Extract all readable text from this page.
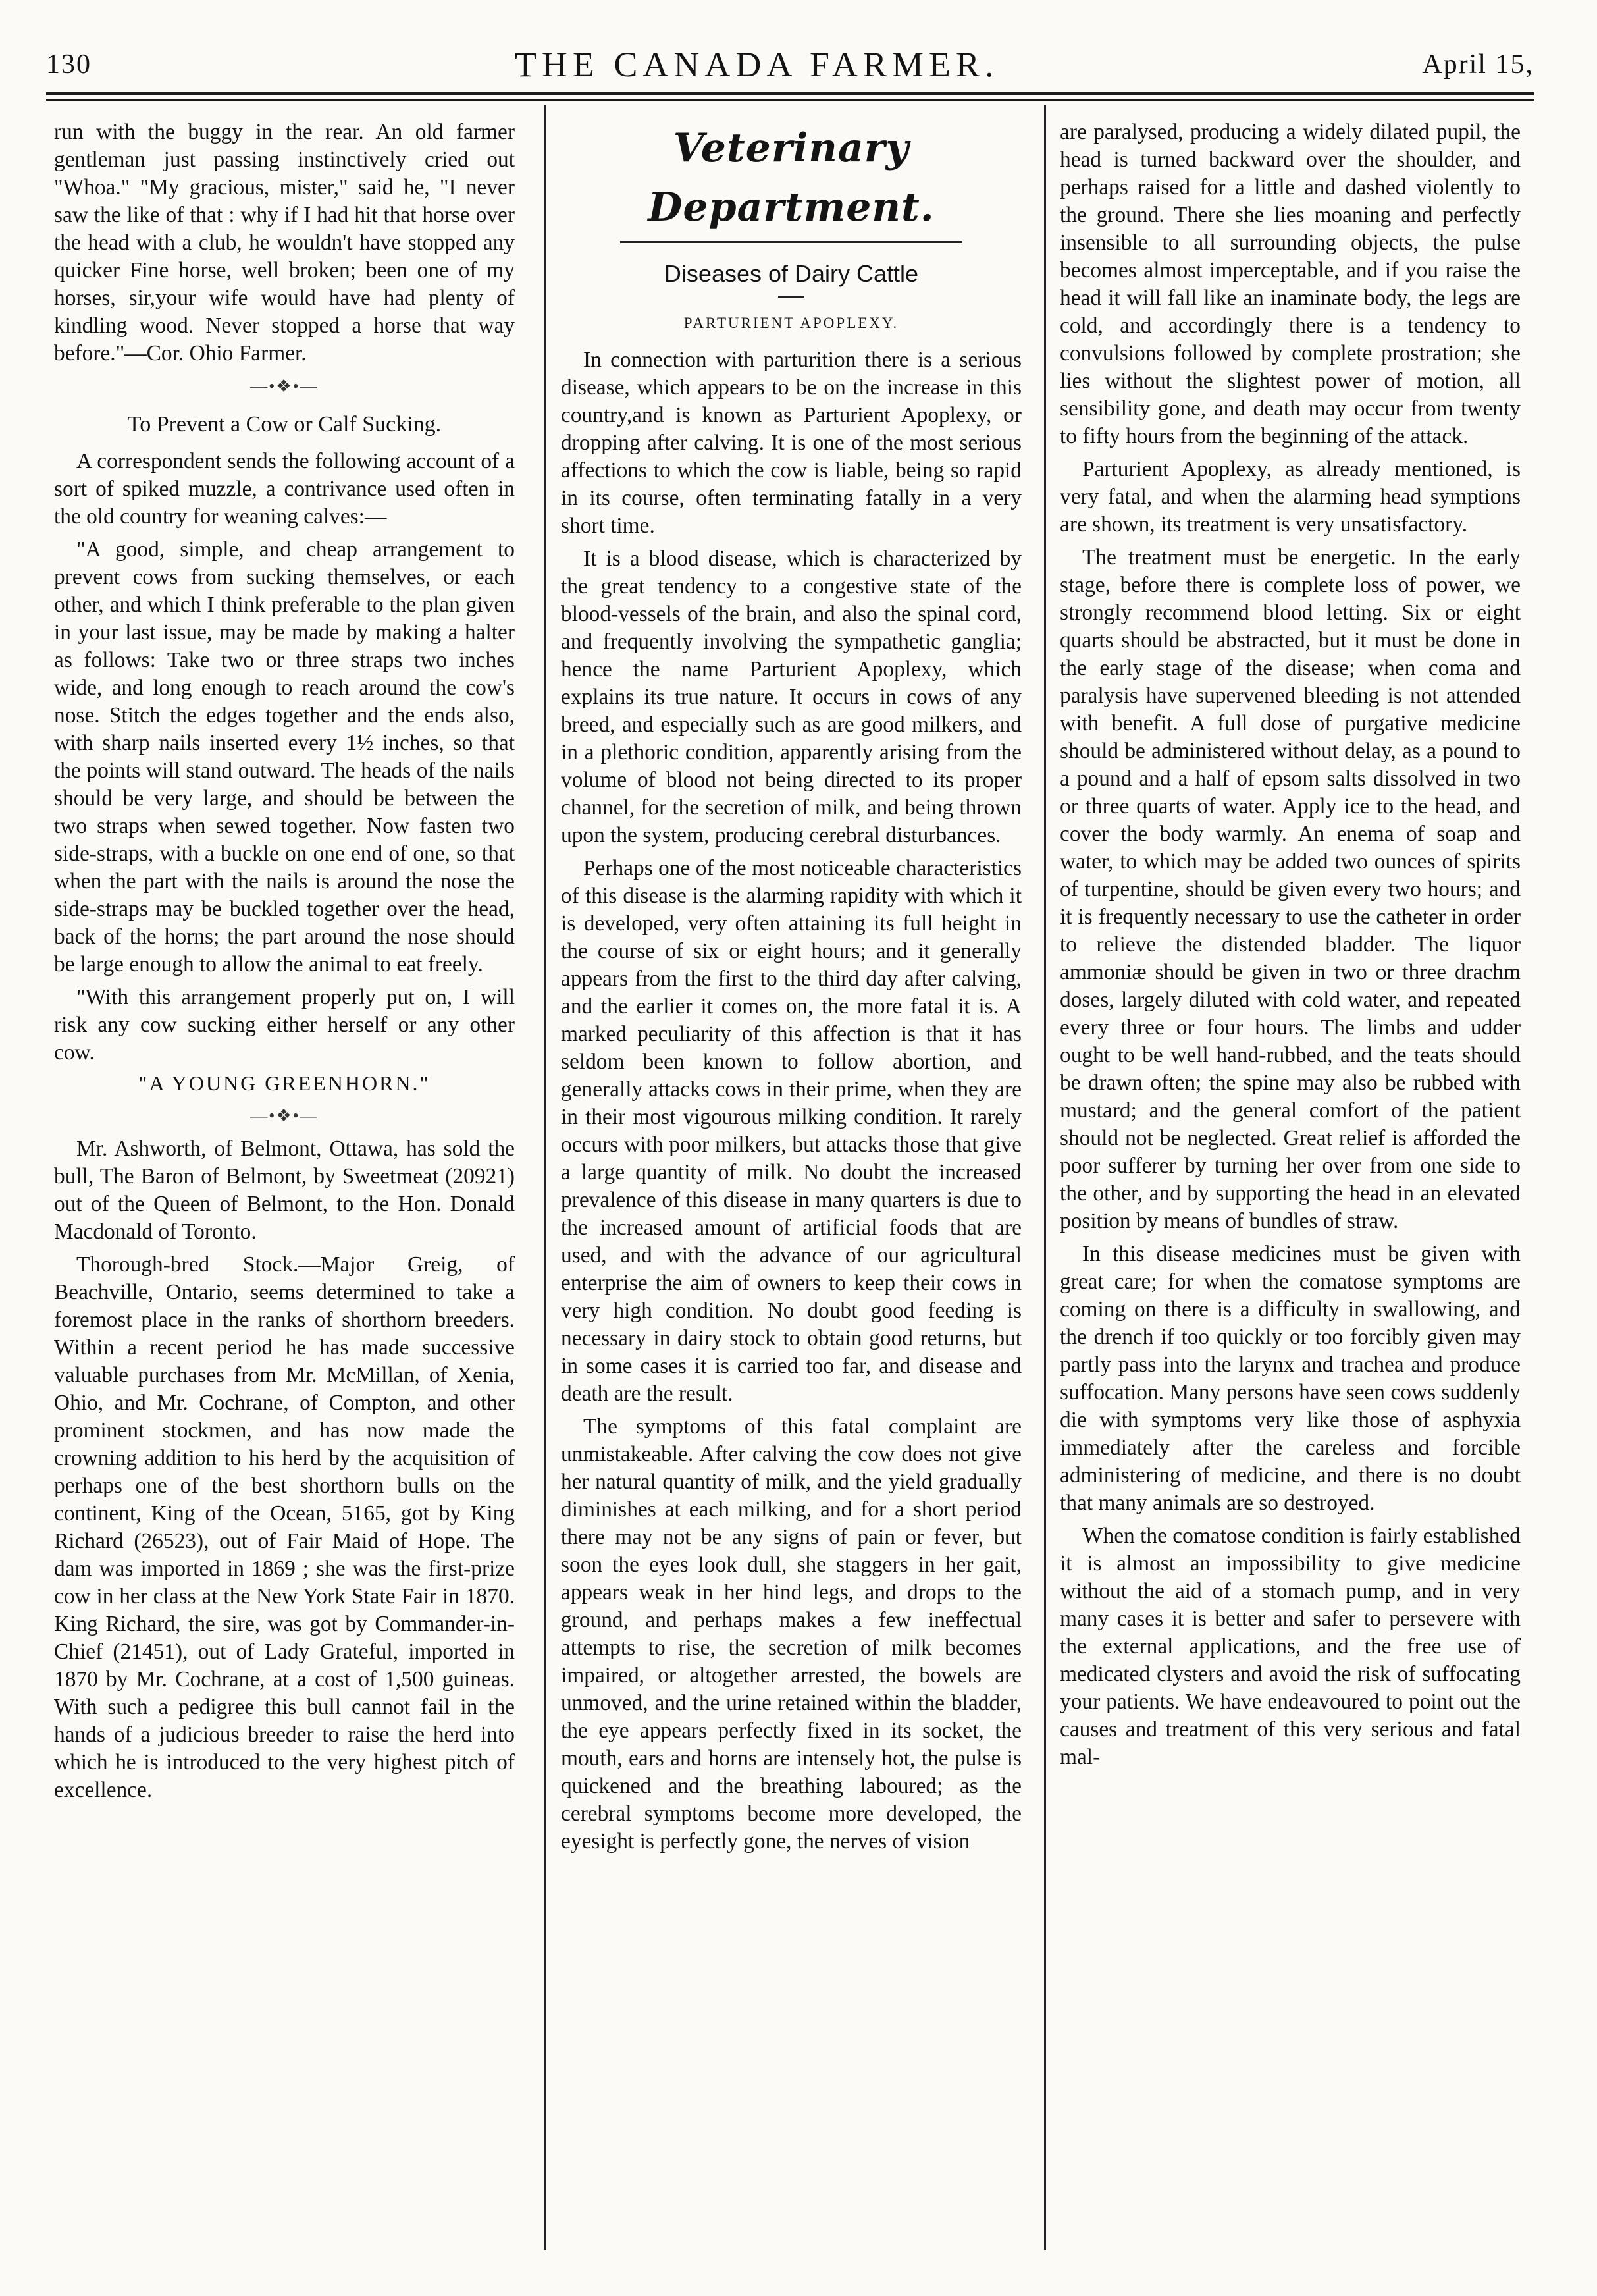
130	THE CANADA FARMER.	April 15,

run with the buggy in the rear. An old farmer gentleman just passing instinctively cried out "Whoa." "My gracious, mister," said he, "I never saw the like of that : why if I had hit that horse over the head with a club, he wouldn't have stopped any quicker Fine horse, well broken; been one of my horses, sir,your wife would have had plenty of kindling wood. Never stopped a horse that way before."—Cor. Ohio Farmer.

—•❖•—
To Prevent a Cow or Calf Sucking.

A correspondent sends the following account of a sort of spiked muzzle, a contrivance used often in the old country for weaning calves:—

"A good, simple, and cheap arrangement to prevent cows from sucking themselves, or each other, and which I think preferable to the plan given in your last issue, may be made by making a halter as follows: Take two or three straps two inches wide, and long enough to reach around the cow's nose. Stitch the edges together and the ends also, with sharp nails inserted every 1½ inches, so that the points will stand outward. The heads of the nails should be very large, and should be between the two straps when sewed together. Now fasten two side-straps, with a buckle on one end of one, so that when the part with the nails is around the nose the side-straps may be buckled together over the head, back of the horns; the part around the nose should be large enough to allow the animal to eat freely.

"With this arrangement properly put on, I will risk any cow sucking either herself or any other cow.

"A YOUNG GREENHORN."
—•❖•—

Mr. Ashworth, of Belmont, Ottawa, has sold the bull, The Baron of Belmont, by Sweetmeat (20921) out of the Queen of Belmont, to the Hon. Donald Macdonald of Toronto.

Thorough-bred Stock.—Major Greig, of Beachville, Ontario, seems determined to take a foremost place in the ranks of shorthorn breeders. Within a recent period he has made successive valuable purchases from Mr. McMillan, of Xenia, Ohio, and Mr. Cochrane, of Compton, and other prominent stockmen, and has now made the crowning addition to his herd by the acquisition of perhaps one of the best shorthorn bulls on the continent, King of the Ocean, 5165, got by King Richard (26523), out of Fair Maid of Hope. The dam was imported in 1869 ; she was the first-prize cow in her class at the New York State Fair in 1870. King Richard, the sire, was got by Commander-in-Chief (21451), out of Lady Grateful, imported in 1870 by Mr. Cochrane, at a cost of 1,500 guineas. With such a pedigree this bull cannot fail in the hands of a judicious breeder to raise the herd into which he is introduced to the very highest pitch of excellence.

Veterinary Department.
Diseases of Dairy Cattle
PARTURIENT APOPLEXY.

In connection with parturition there is a serious disease, which appears to be on the increase in this country,and is known as Parturient Apoplexy, or dropping after calving. It is one of the most serious affections to which the cow is liable, being so rapid in its course, often terminating fatally in a very short time.

It is a blood disease, which is characterized by the great tendency to a congestive state of the blood-vessels of the brain, and also the spinal cord, and frequently involving the sympathetic ganglia; hence the name Parturient Apoplexy, which explains its true nature. It occurs in cows of any breed, and especially such as are good milkers, and in a plethoric condition, apparently arising from the volume of blood not being directed to its proper channel, for the secretion of milk, and being thrown upon the system, producing cerebral disturbances.

Perhaps one of the most noticeable characteristics of this disease is the alarming rapidity with which it is developed, very often attaining its full height in the course of six or eight hours; and it generally appears from the first to the third day after calving, and the earlier it comes on, the more fatal it is. A marked peculiarity of this affection is that it has seldom been known to follow abortion, and generally attacks cows in their prime, when they are in their most vigourous milking condition. It rarely occurs with poor milkers, but attacks those that give a large quantity of milk. No doubt the increased prevalence of this disease in many quarters is due to the increased amount of artificial foods that are used, and with the advance of our agricultural enterprise the aim of owners to keep their cows in very high condition. No doubt good feeding is necessary in dairy stock to obtain good returns, but in some cases it is carried too far, and disease and death are the result.

The symptoms of this fatal complaint are unmistakeable. After calving the cow does not give her natural quantity of milk, and the yield gradually diminishes at each milking, and for a short period there may not be any signs of pain or fever, but soon the eyes look dull, she staggers in her gait, appears weak in her hind legs, and drops to the ground, and perhaps makes a few ineffectual attempts to rise, the secretion of milk becomes impaired, or altogether arrested, the bowels are unmoved, and the urine retained within the bladder, the eye appears perfectly fixed in its socket, the mouth, ears and horns are intensely hot, the pulse is quickened and the breathing laboured; as the cerebral symptoms become more developed, the eyesight is perfectly gone, the nerves of vision

are paralysed, producing a widely dilated pupil, the head is turned backward over the shoulder, and perhaps raised for a little and dashed violently to the ground. There she lies moaning and perfectly insensible to all surrounding objects, the pulse becomes almost imperceptable, and if you raise the head it will fall like an inaminate body, the legs are cold, and accordingly there is a tendency to convulsions followed by complete prostration; she lies without the slightest power of motion, all sensibility gone, and death may occur from twenty to fifty hours from the beginning of the attack.

Parturient Apoplexy, as already mentioned, is very fatal, and when the alarming head symptions are shown, its treatment is very unsatisfactory.

The treatment must be energetic. In the early stage, before there is complete loss of power, we strongly recommend blood letting. Six or eight quarts should be abstracted, but it must be done in the early stage of the disease; when coma and paralysis have supervened bleeding is not attended with benefit. A full dose of purgative medicine should be administered without delay, as a pound to a pound and a half of epsom salts dissolved in two or three quarts of water. Apply ice to the head, and cover the body warmly. An enema of soap and water, to which may be added two ounces of spirits of turpentine, should be given every two hours; and it is frequently necessary to use the catheter in order to relieve the distended bladder. The liquor ammoniæ should be given in two or three drachm doses, largely diluted with cold water, and repeated every three or four hours. The limbs and udder ought to be well hand-rubbed, and the teats should be drawn often; the spine may also be rubbed with mustard; and the general comfort of the patient should not be neglected. Great relief is afforded the poor sufferer by turning her over from one side to the other, and by supporting the head in an elevated position by means of bundles of straw.

In this disease medicines must be given with great care; for when the comatose symptoms are coming on there is a difficulty in swallowing, and the drench if too quickly or too forcibly given may partly pass into the larynx and trachea and produce suffocation. Many persons have seen cows suddenly die with symptoms very like those of asphyxia immediately after the careless and forcible administering of medicine, and there is no doubt that many animals are so destroyed.

When the comatose condition is fairly established it is almost an impossibility to give medicine without the aid of a stomach pump, and in very many cases it is better and safer to persevere with the external applications, and the free use of medicated clysters and avoid the risk of suffocating your patients. We have endeavoured to point out the causes and treatment of this very serious and fatal mal-
